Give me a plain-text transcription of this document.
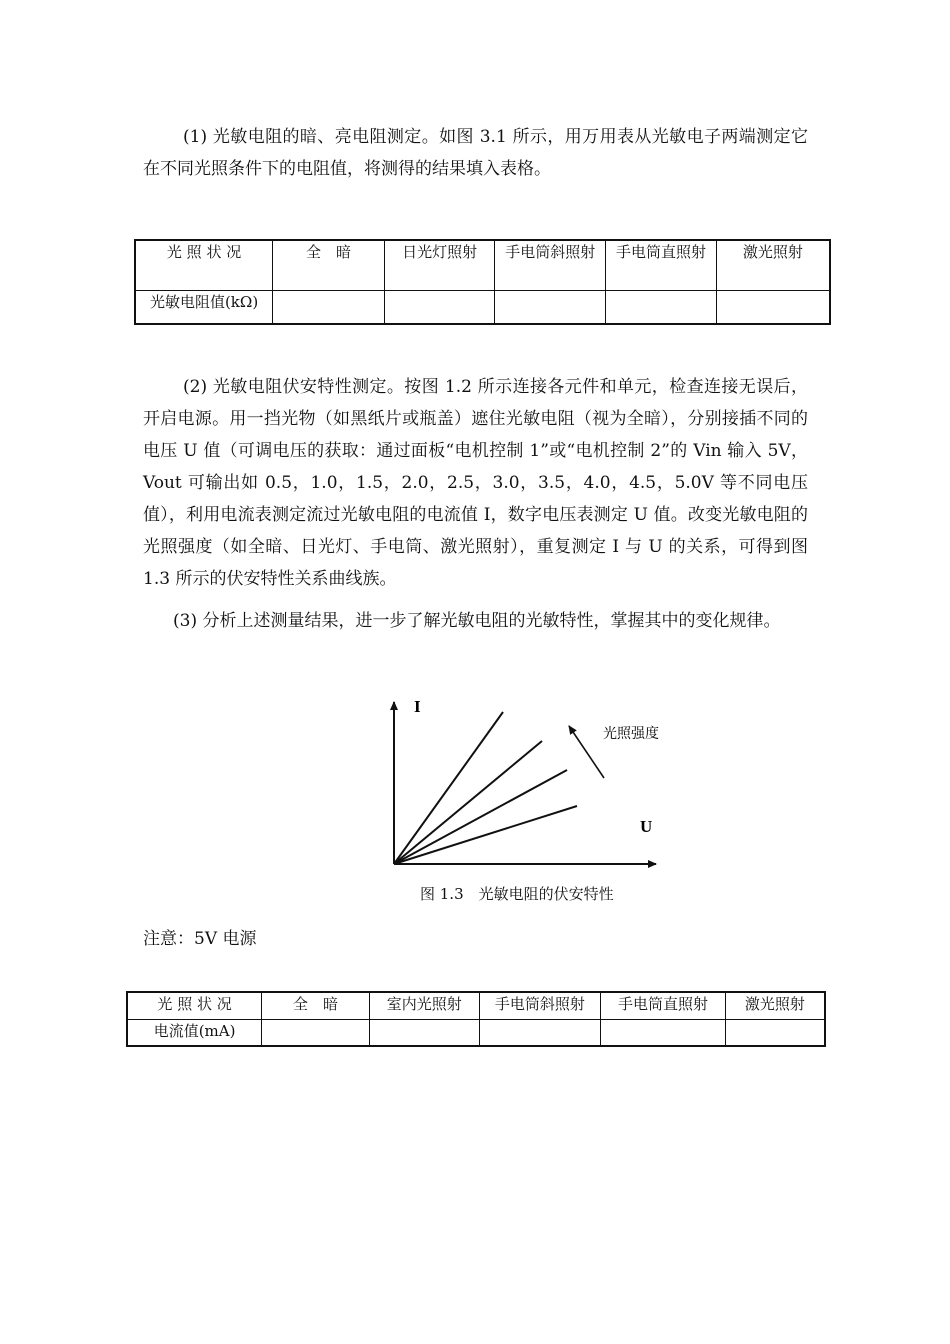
(1) 光敏电阻的暗、亮电阻测定。如图 3.1 所示，用万用表从光敏电子两端测定它在不同光照条件下的电阻值，将测得的结果填入表格。

光 照 状 况	全　暗	日光灯照射	手电筒斜照射	手电筒直照射	激光照射
光敏电阻值(kΩ)					

(2) 光敏电阻伏安特性测定。按图 1.2 所示连接各元件和单元，检查连接无误后，开启电源。用一挡光物（如黑纸片或瓶盖）遮住光敏电阻（视为全暗），分别接插不同的电压 U 值（可调电压的获取：通过面板“电机控制 1”或“电机控制 2”的 Vin 输入 5V，Vout 可输出如 0.5，1.0，1.5，2.0，2.5，3.0，3.5，4.0，4.5，5.0V 等不同电压值），利用电流表测定流过光敏电阻的电流值 I，数字电压表测定 U 值。改变光敏电阻的光照强度（如全暗、日光灯、手电筒、激光照射），重复测定 I 与 U 的关系，可得到图 1.3 所示的伏安特性关系曲线族。

(3) 分析上述测量结果，进一步了解光敏电阻的光敏特性，掌握其中的变化规律。

I
U
光照强度
图 1.3　光敏电阻的伏安特性
注意：5V 电源
光 照 状 况	全　暗	室内光照射	手电筒斜照射	手电筒直照射	激光照射
电流值(mA)					
